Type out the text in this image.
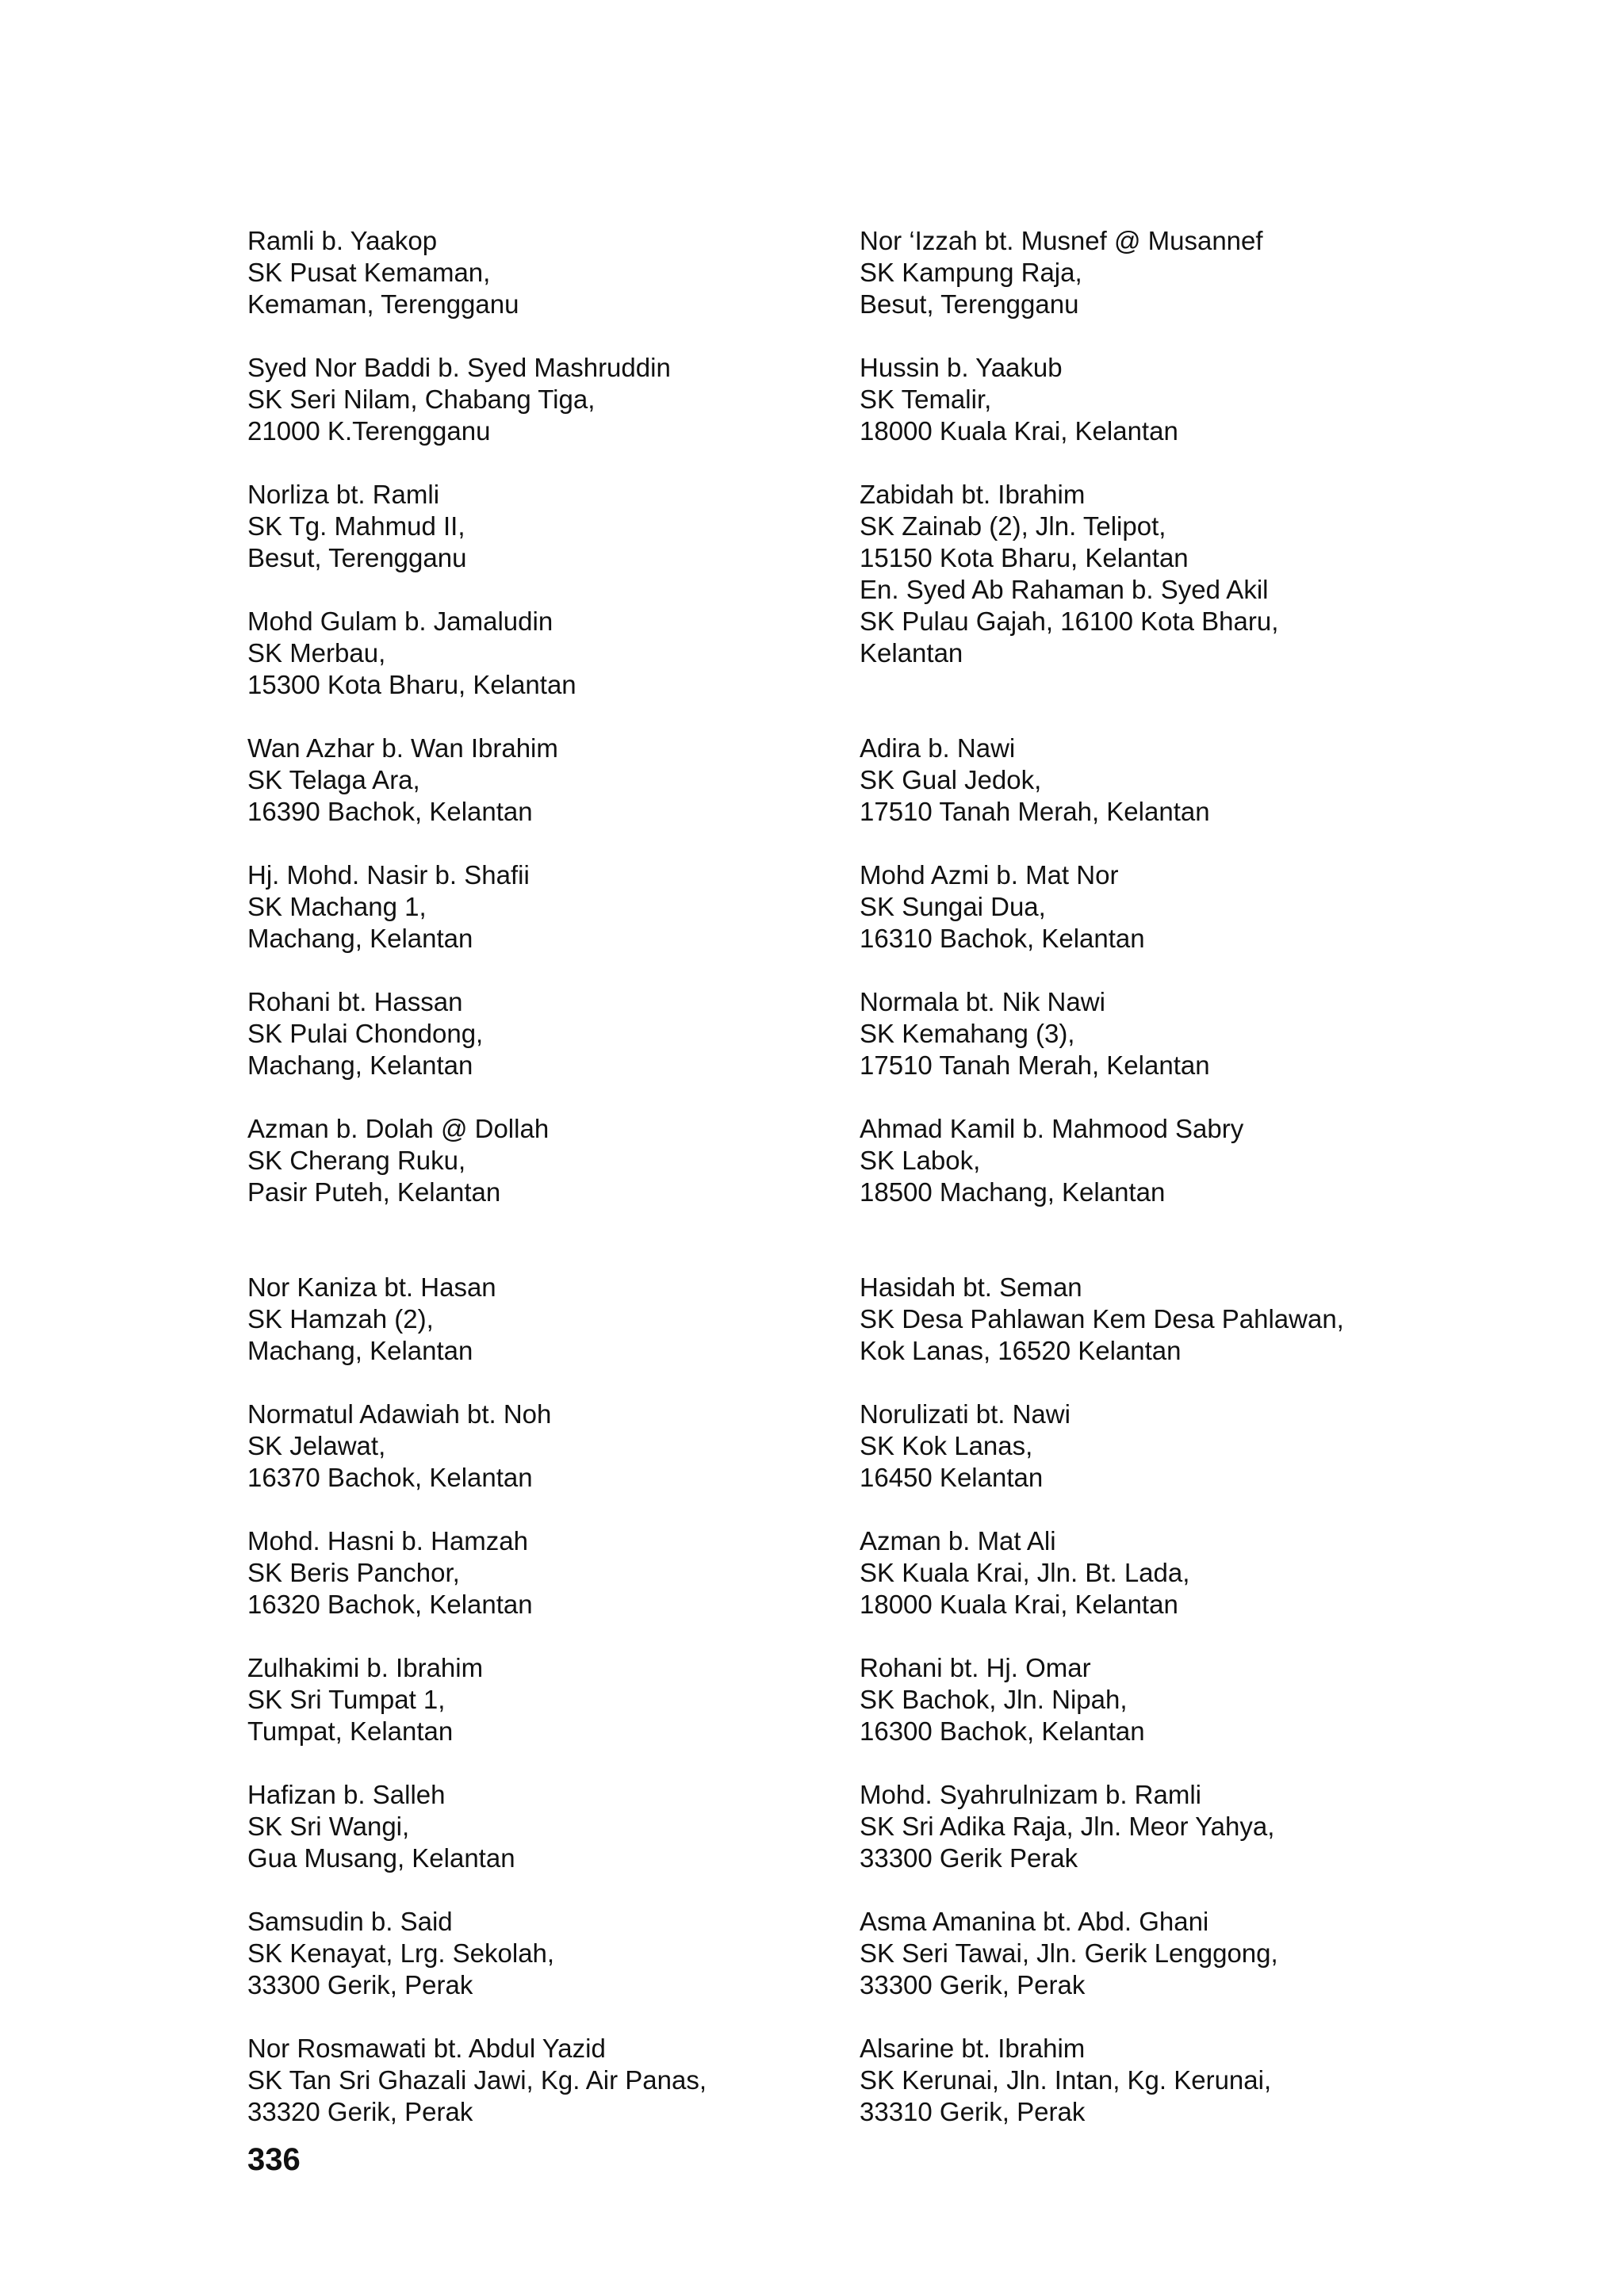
Ramli b. Yaakop
SK Pusat Kemaman,
Kemaman, Terengganu
Syed Nor Baddi b. Syed Mashruddin
SK Seri Nilam, Chabang Tiga,
21000 K.Terengganu
Norliza bt. Ramli
SK Tg. Mahmud II,
Besut, Terengganu
Mohd Gulam b. Jamaludin
SK Merbau,
15300 Kota Bharu, Kelantan
Wan Azhar b. Wan Ibrahim
SK Telaga Ara,
16390 Bachok, Kelantan
Hj. Mohd. Nasir b. Shafii
SK Machang 1,
Machang, Kelantan
Rohani bt. Hassan
SK Pulai Chondong,
Machang, Kelantan
Azman b. Dolah @ Dollah
SK Cherang Ruku,
Pasir Puteh, Kelantan
Nor Kaniza bt. Hasan
SK Hamzah (2),
Machang, Kelantan
Normatul Adawiah bt. Noh
SK Jelawat,
16370 Bachok, Kelantan
Mohd. Hasni b. Hamzah
SK Beris Panchor,
16320 Bachok, Kelantan
Zulhakimi b. Ibrahim
SK Sri Tumpat 1,
Tumpat, Kelantan
Hafizan b. Salleh
SK Sri Wangi,
Gua Musang, Kelantan
Samsudin b. Said
SK Kenayat, Lrg. Sekolah,
33300 Gerik, Perak
Nor Rosmawati bt. Abdul Yazid
SK Tan Sri Ghazali Jawi, Kg. Air Panas,
33320 Gerik, Perak
Nor ‘Izzah bt. Musnef @ Musannef
SK Kampung Raja,
Besut, Terengganu
Hussin b. Yaakub
SK Temalir,
18000 Kuala Krai, Kelantan
Zabidah bt. Ibrahim
SK Zainab (2), Jln. Telipot,
15150 Kota Bharu, Kelantan
En. Syed Ab Rahaman b. Syed Akil
SK Pulau Gajah, 16100 Kota Bharu,
Kelantan
Adira b. Nawi
SK Gual Jedok,
17510 Tanah Merah, Kelantan
Mohd Azmi b. Mat Nor
SK Sungai Dua,
16310 Bachok, Kelantan
Normala bt. Nik Nawi
SK Kemahang (3),
17510 Tanah Merah, Kelantan
Ahmad Kamil b. Mahmood Sabry
SK Labok,
18500 Machang, Kelantan
Hasidah bt. Seman
SK Desa Pahlawan Kem Desa Pahlawan,
Kok Lanas, 16520 Kelantan
Norulizati bt. Nawi
SK Kok Lanas,
16450 Kelantan
Azman b. Mat Ali
SK Kuala Krai, Jln. Bt. Lada,
18000 Kuala Krai, Kelantan
Rohani bt. Hj. Omar
SK Bachok, Jln. Nipah,
16300 Bachok, Kelantan
Mohd. Syahrulnizam b. Ramli
SK Sri Adika Raja, Jln. Meor Yahya,
33300 Gerik Perak
Asma Amanina bt. Abd. Ghani
SK Seri Tawai, Jln. Gerik Lenggong,
33300 Gerik, Perak
Alsarine bt. Ibrahim
SK Kerunai, Jln. Intan, Kg. Kerunai,
33310 Gerik, Perak
336
